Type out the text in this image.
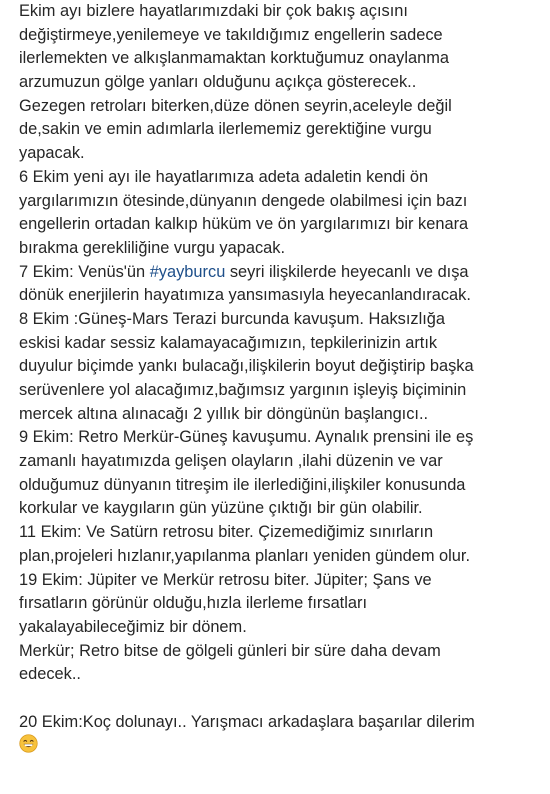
Ekim ayı bizlere hayatlarımızdaki bir çok bakış açısını
değiştirmeye,yenilemeye ve takıldığımız engellerin sadece
ilerlemekten ve alkışlanmamaktan korktuğumuz onaylanma
arzumuzun gölge yanları olduğunu açıkça gösterecek..
Gezegen retroları biterken,düze dönen seyrin,aceleyle değil
de,sakin ve emin adımlarla ilerlememiz gerektiğine vurgu
yapacak.
6 Ekim yeni ayı ile hayatlarımıza adeta adaletin kendi ön
yargılarımızın ötesinde,dünyanın dengede olabilmesi için bazı
engellerin ortadan kalkıp hüküm ve ön yargılarımızı bir kenara
bırakma gerekliliğine vurgu yapacak.
7 Ekim: Venüs'ün #yayburcu seyri ilişkilerde heyecanlı ve dışa
dönük enerjilerin hayatımıza yansımasıyla heyecanlandıracak.
8 Ekim :Güneş-Mars Terazi burcunda kavuşum. Haksızlığa
eskisi kadar sessiz kalamayacağımızın, tepkilerinizin artık
duyulur biçimde yankı bulacağı,ilişkilerin boyut değiştirip başka
serüvenlere yol alacağımız,bağımsız yargının işleyiş biçiminin
mercek altına alınacağı 2 yıllık bir döngünün başlangıcı..
9 Ekim: Retro Merkür-Güneş kavuşumu. Aynalık prensini ile eş
zamanlı hayatımızda gelişen olayların ,ilahi düzenin ve var
olduğumuz dünyanın titreşim ile ilerlediğini,ilişkiler konusunda
korkular ve kaygıların gün yüzüne çıktığı bir gün olabilir.
11 Ekim: Ve Satürn retrosu biter. Çizemediğimiz sınırların
plan,projeleri hızlanır,yapılanma planları yeniden gündem olur.
19 Ekim: Jüpiter ve Merkür retrosu biter. Jüpiter; Şans ve
fırsatların görünür olduğu,hızla ilerleme fırsatları
yakalayabileceğimiz bir dönem.
Merkür; Retro bitse de gölgeli günleri bir süre daha devam
edecek..
20 Ekim:Koç dolunayı.. Yarışmacı arkadaşlara başarılar dilerim
